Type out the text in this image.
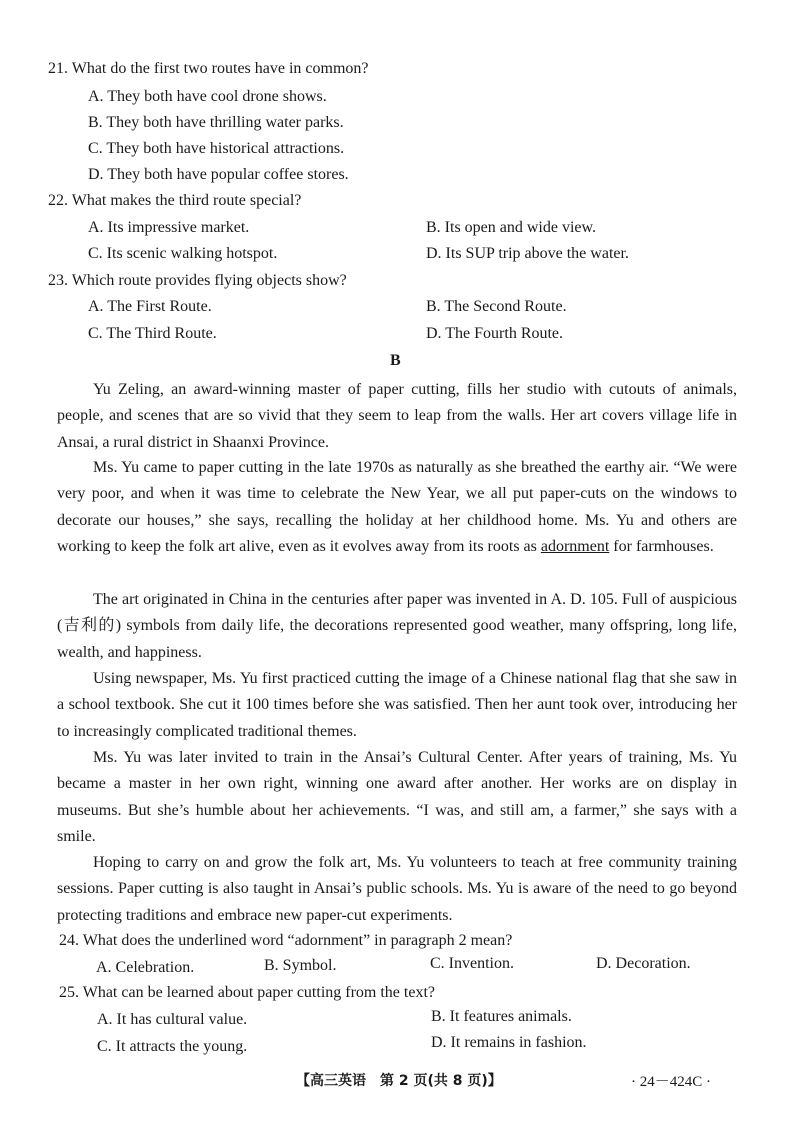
21. What do the first two routes have in common?
A. They both have cool drone shows.
B. They both have thrilling water parks.
C. They both have historical attractions.
D. They both have popular coffee stores.
22. What makes the third route special?
A. Its impressive market.	B. Its open and wide view.
C. Its scenic walking hotspot.	D. Its SUP trip above the water.
23. Which route provides flying objects show?
A. The First Route.	B. The Second Route.
C. The Third Route.	D. The Fourth Route.
B

Yu Zeling, an award-winning master of paper cutting, fills her studio with cutouts of animals, people, and scenes that are so vivid that they seem to leap from the walls. Her art covers village life in Ansai, a rural district in Shaanxi Province.

Ms. Yu came to paper cutting in the late 1970s as naturally as she breathed the earthy air. “We were very poor, and when it was time to celebrate the New Year, we all put paper-cuts on the windows to decorate our houses,” she says, recalling the holiday at her childhood home. Ms. Yu and others are working to keep the folk art alive, even as it evolves away from its roots as adornment for farmhouses.

The art originated in China in the centuries after paper was invented in A. D. 105. Full of auspicious (吉利的) symbols from daily life, the decorations represented good weather, many offspring, long life, wealth, and happiness.

Using newspaper, Ms. Yu first practiced cutting the image of a Chinese national flag that she saw in a school textbook. She cut it 100 times before she was satisfied. Then her aunt took over, introducing her to increasingly complicated traditional themes.

Ms. Yu was later invited to train in the Ansai’s Cultural Center. After years of training, Ms. Yu became a master in her own right, winning one award after another. Her works are on display in museums. But she’s humble about her achievements. “I was, and still am, a farmer,” she says with a smile.

Hoping to carry on and grow the folk art, Ms. Yu volunteers to teach at free community training sessions. Paper cutting is also taught in Ansai’s public schools. Ms. Yu is aware of the need to go beyond protecting traditions and embrace new paper-cut experiments.

24. What does the underlined word “adornment” in paragraph 2 mean?
A. Celebration.	B. Symbol.	C. Invention.	D. Decoration.
25. What can be learned about paper cutting from the text?
A. It has cultural value.	B. It features animals.
C. It attracts the young.	D. It remains in fashion.
【高三英语　第 2 页(共 8 页)】	· 24－424C ·
